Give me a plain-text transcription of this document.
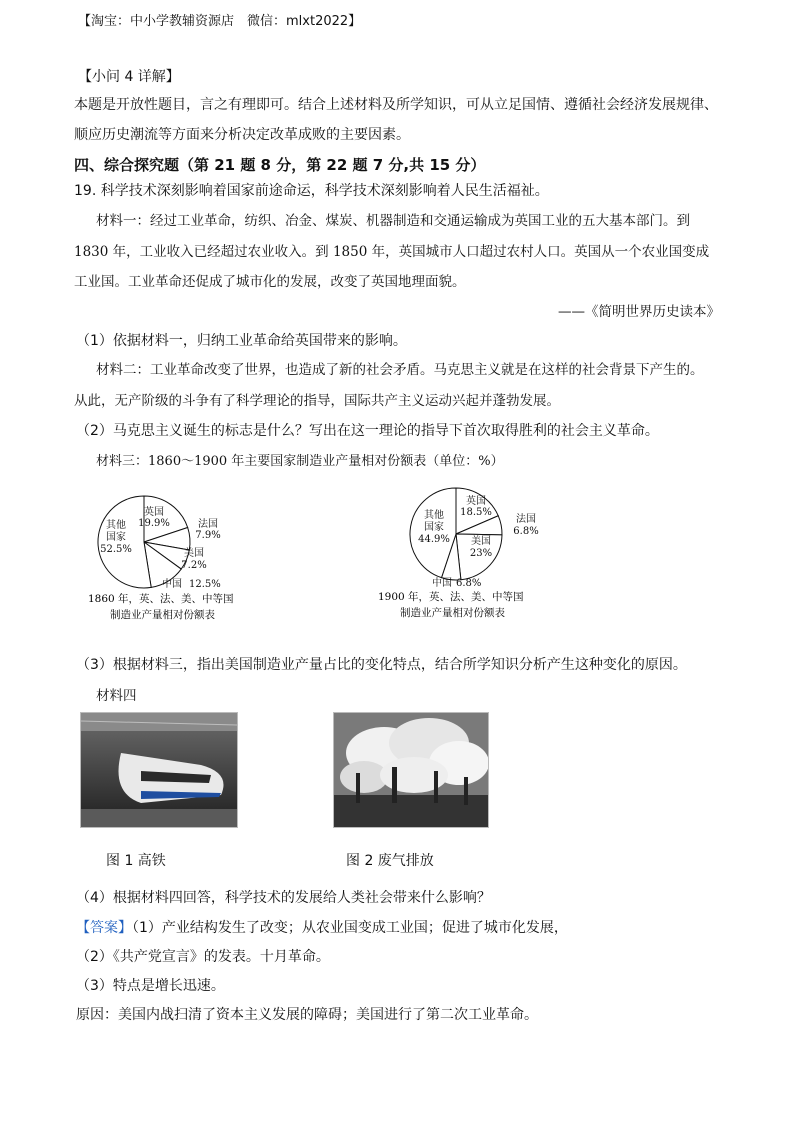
【淘宝：中小学教辅资源店　微信：mlxt2022】
【小问 4 详解】
本题是开放性题目，言之有理即可。结合上述材料及所学知识，可从立足国情、遵循社会经济发展规律、
顺应历史潮流等方面来分析决定改革成败的主要因素。
四、综合探究题（第 21 题 8 分，第 22 题 7 分,共 15 分）
19. 科学技术深刻影响着国家前途命运，科学技术深刻影响着人民生活福祉。
材料一：经过工业革命，纺织、冶金、煤炭、机器制造和交通运输成为英国工业的五大基本部门。到
1830 年，工业收入已经超过农业收入。到 1850 年，英国城市人口超过农村人口。英国从一个农业国变成
工业国。工业革命还促成了城市化的发展，改变了英国地理面貌。
——《简明世界历史读本》
（1）依据材料一，归纳工业革命给英国带来的影响。
材料二：工业革命改变了世界，也造成了新的社会矛盾。马克思主义就是在这样的社会背景下产生的。
从此，无产阶级的斗争有了科学理论的指导，国际共产主义运动兴起并蓬勃发展。
（2）马克思主义诞生的标志是什么？写出在这一理论的指导下首次取得胜利的社会主义革命。
材料三：1860～1900 年主要国家制造业产量相对份额表（单位：%）
其他
国家
52.5%
英国
19.9%	法国
7.9%
美国
7.2%
中国 12.5%
1860 年，英、法、美、中等国
制造业产量相对份额表
其他
国家
44.9%
英国
18.5%
法国
6.8%
美国
23%
中国 6.8%
1900 年，英、法、美、中等国
制造业产量相对份额表
（3）根据材料三，指出美国制造业产量占比的变化特点，结合所学知识分析产生这种变化的原因。
材料四
图 1 高铁	图 2 废气排放
（4）根据材料四回答，科学技术的发展给人类社会带来什么影响？
【答案】（1）产业结构发生了改变；从农业国变成工业国；促进了城市化发展，
（2）《共产党宣言》的发表。十月革命。
（3）特点是增长迅速。
原因：美国内战扫清了资本主义发展的障碍；美国进行了第二次工业革命。
